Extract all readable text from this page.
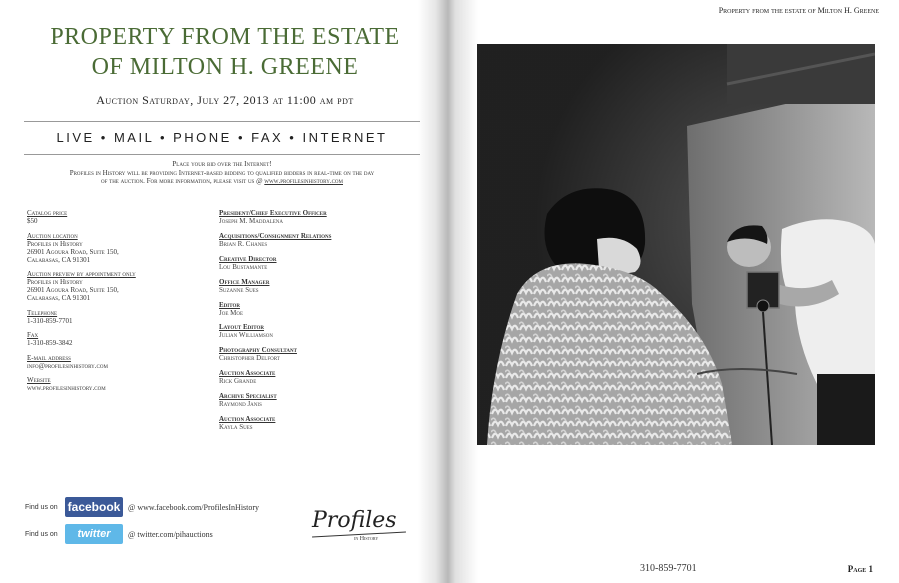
PROPERTY FROM THE ESTATE
OF MILTON H. GREENE
Auction Saturday, July 27, 2013 at 11:00 am pdt
LIVE • MAIL • PHONE • FAX • INTERNET
Place your bid over the Internet!
Profiles in History will be providing Internet-based bidding to qualified bidders in real-time on the day
of the auction. For more information, please visit us @ www.profilesinhistory.com
Catalog price
$50
Auction location
Profiles in History
26901 Agoura Road, Suite 150,
Calabasas, CA 91301
Auction preview by appointment only
Profiles in History
26901 Agoura Road, Suite 150,
Calabasas, CA 91301
Telephone
1-310-859-7701
Fax
1-310-859-3842
E-mail address
info@profilesinhistory.com
Website
www.profilesinhistory.com
President/Chief Executive Officer
Joseph M. Maddalena
Acquisitions/Consignment Relations
Brian R. Chanes
Creative Director
Lou Bustamante
Office Manager
Suzanne Sues
Editor
Joe Moe
Layout Editor
Julian Williamson
Photography Consultant
Christopher Delfort
Auction Associate
Rick Grande
Archive Specialist
Raymond Janis
Auction Associate
Kayla Sues
Find us on facebook @ www.facebook.com/ProfilesInHistory
Find us on	twitter	@ twitter.com/pihauctions
Profiles
in History
Property from the estate of Milton H. Greene
310-859-7701	Page 1
